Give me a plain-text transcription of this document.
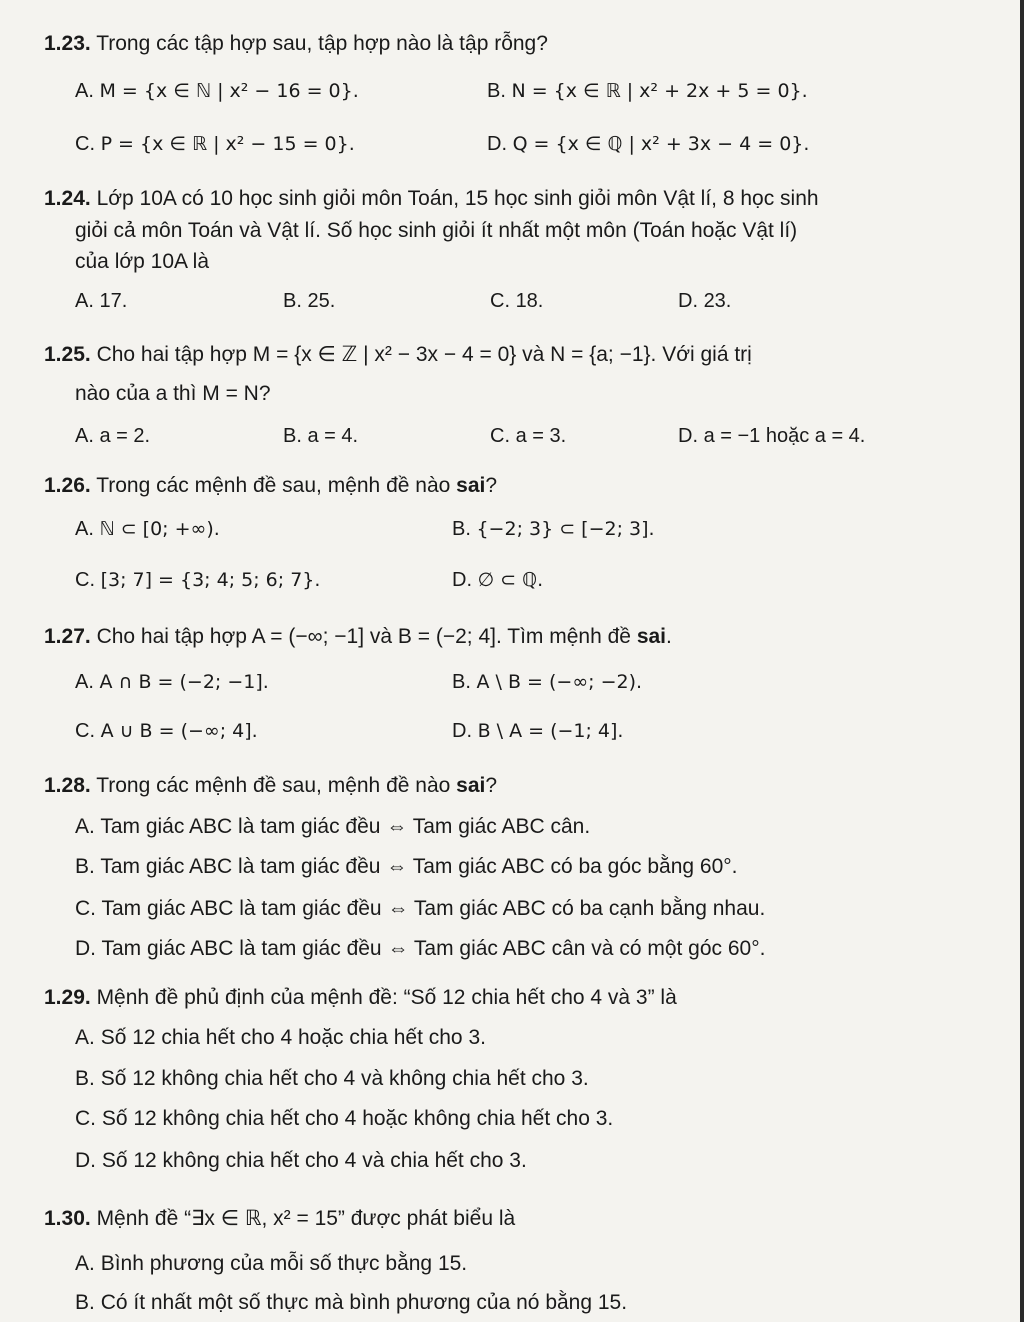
1.23. Trong các tập hợp sau, tập hợp nào là tập rỗng?
A. M = {x ∈ ℕ | x² − 16 = 0}.	B. N = {x ∈ ℝ | x² + 2x + 5 = 0}.
C. P = {x ∈ ℝ | x² − 15 = 0}.	D. Q = {x ∈ ℚ | x² + 3x − 4 = 0}.
1.24. Lớp 10A có 10 học sinh giỏi môn Toán, 15 học sinh giỏi môn Vật lí, 8 học sinh
giỏi cả môn Toán và Vật lí. Số học sinh giỏi ít nhất một môn (Toán hoặc Vật lí)
của lớp 10A là
A. 17.	B. 25.	C. 18.	D. 23.
1.25. Cho hai tập hợp M = {x ∈ ℤ | x² − 3x − 4 = 0} và N = {a; −1}. Với giá trị
nào của a thì M = N?
A. a = 2.	B. a = 4.	C. a = 3.	D. a = −1 hoặc a = 4.
1.26. Trong các mệnh đề sau, mệnh đề nào sai?
A. ℕ ⊂ [0; +∞).	B. {−2; 3} ⊂ [−2; 3].
C. [3; 7] = {3; 4; 5; 6; 7}.	D. ∅ ⊂ ℚ.
1.27. Cho hai tập hợp A = (−∞; −1] và B = (−2; 4]. Tìm mệnh đề sai.
A. A ∩ B = (−2; −1].	B. A \ B = (−∞; −2).
C. A ∪ B = (−∞; 4].	D. B \ A = (−1; 4].
1.28. Trong các mệnh đề sau, mệnh đề nào sai?
A. Tam giác ABC là tam giác đều ⇔ Tam giác ABC cân.
B. Tam giác ABC là tam giác đều ⇔ Tam giác ABC có ba góc bằng 60°.
C. Tam giác ABC là tam giác đều ⇔ Tam giác ABC có ba cạnh bằng nhau.
D. Tam giác ABC là tam giác đều ⇔ Tam giác ABC cân và có một góc 60°.
1.29. Mệnh đề phủ định của mệnh đề: “Số 12 chia hết cho 4 và 3” là
A. Số 12 chia hết cho 4 hoặc chia hết cho 3.
B. Số 12 không chia hết cho 4 và không chia hết cho 3.
C. Số 12 không chia hết cho 4 hoặc không chia hết cho 3.
D. Số 12 không chia hết cho 4 và chia hết cho 3.
1.30. Mệnh đề “∃x ∈ ℝ, x² = 15” được phát biểu là
A. Bình phương của mỗi số thực bằng 15.
B. Có ít nhất một số thực mà bình phương của nó bằng 15.
